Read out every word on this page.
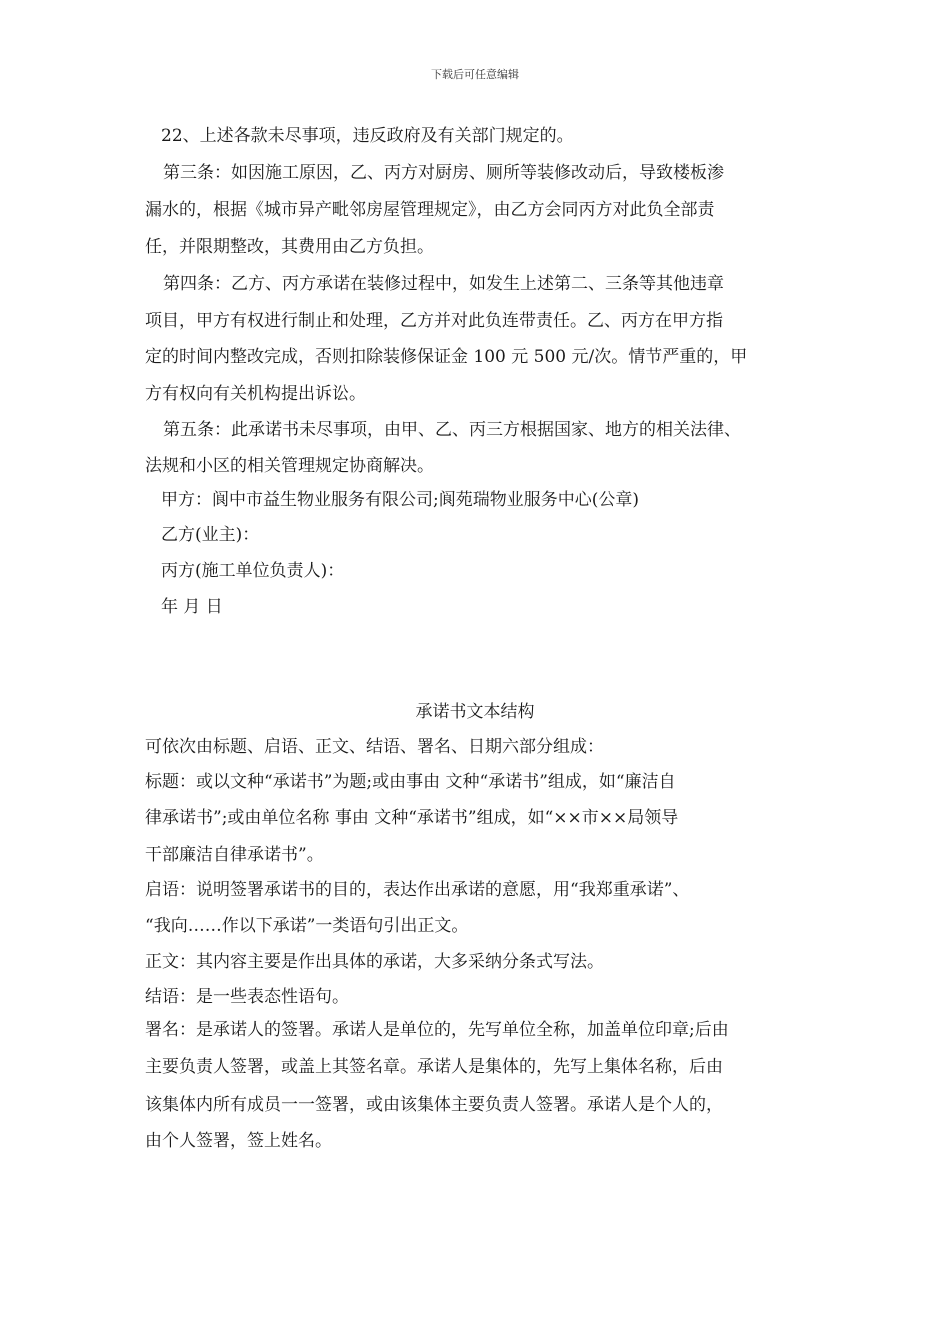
下载后可任意编辑
22、上述各款未尽事项，违反政府及有关部门规定的。
第三条：如因施工原因，乙、丙方对厨房、厕所等装修改动后，导致楼板渗
漏水的，根据《城市异产毗邻房屋管理规定》，由乙方会同丙方对此负全部责
任，并限期整改，其费用由乙方负担。
第四条：乙方、丙方承诺在装修过程中，如发生上述第二、三条等其他违章
项目，甲方有权进行制止和处理，乙方并对此负连带责任。乙、丙方在甲方指
定的时间内整改完成，否则扣除装修保证金 100 元 500 元/次。情节严重的，甲
方有权向有关机构提出诉讼。
第五条：此承诺书未尽事项，由甲、乙、丙三方根据国家、地方的相关法律、
法规和小区的相关管理规定协商解决。
甲方：阆中市益生物业服务有限公司;阆苑瑞物业服务中心(公章)
乙方(业主)：
丙方(施工单位负责人)：
年 月 日
承诺书文本结构
可依次由标题、启语、正文、结语、署名、日期六部分组成：
标题：或以文种“承诺书”为题;或由事由 文种“承诺书”组成，如“廉洁自
律承诺书”;或由单位名称 事由 文种“承诺书”组成，如“××市××局领导
干部廉洁自律承诺书”。
启语：说明签署承诺书的目的，表达作出承诺的意愿，用“我郑重承诺”、
“我向……作以下承诺”一类语句引出正文。
正文：其内容主要是作出具体的承诺，大多采纳分条式写法。
结语：是一些表态性语句。
署名：是承诺人的签署。承诺人是单位的，先写单位全称，加盖单位印章;后由
主要负责人签署，或盖上其签名章。承诺人是集体的，先写上集体名称，后由
该集体内所有成员一一签署，或由该集体主要负责人签署。承诺人是个人的，
由个人签署，签上姓名。
